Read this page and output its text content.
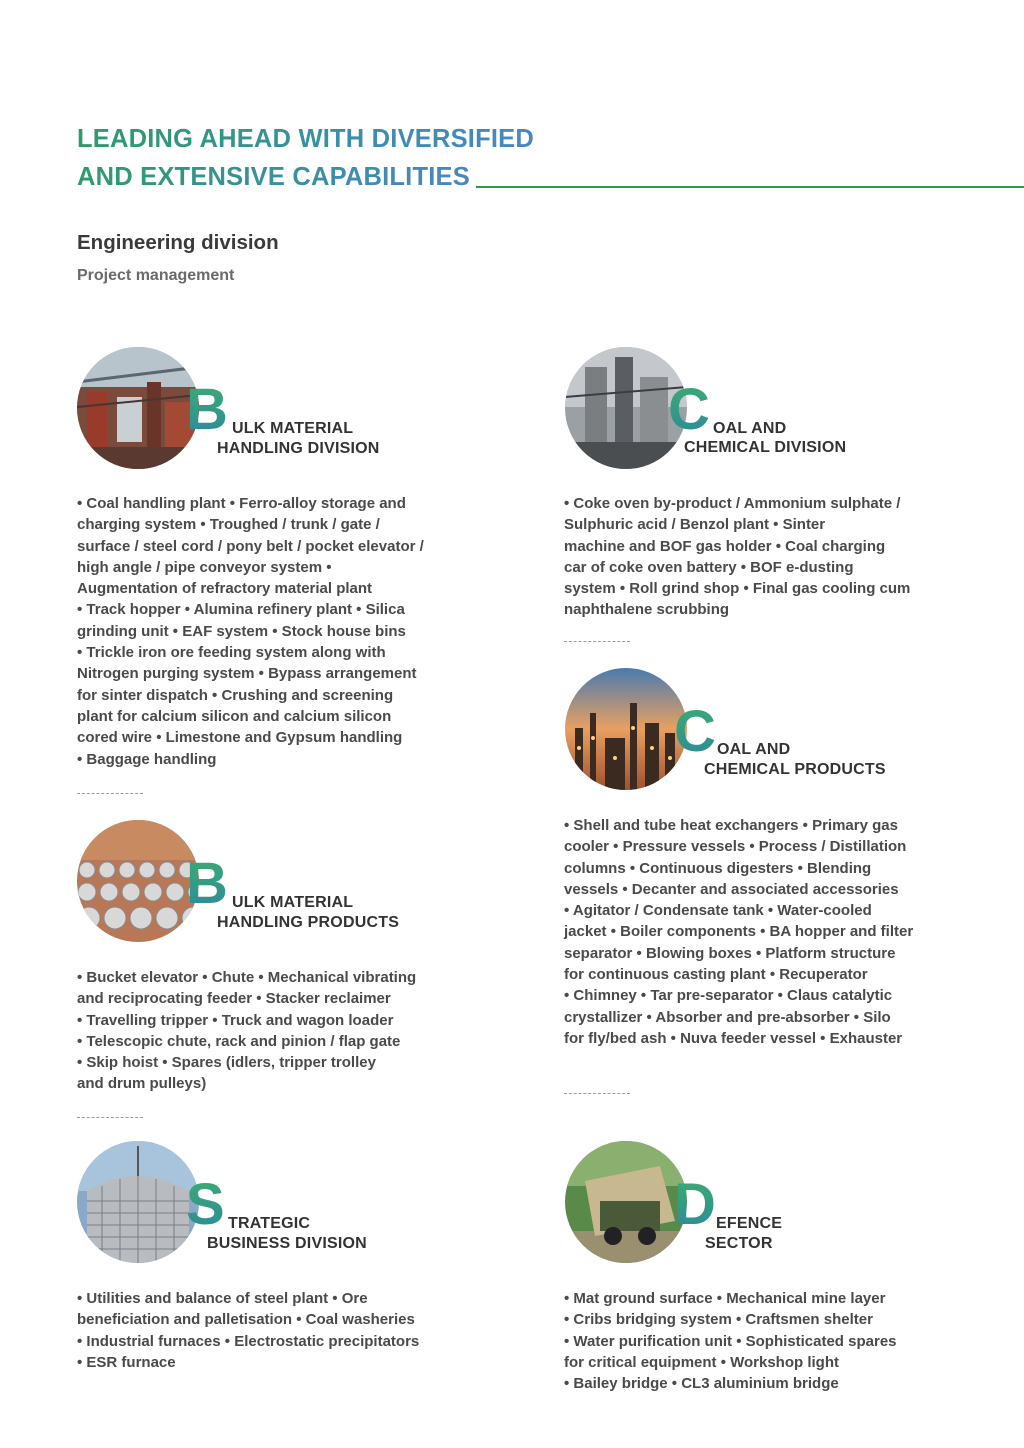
LEADING AHEAD WITH DIVERSIFIED
AND EXTENSIVE CAPABILITIES
Engineering division
Project management
B ULK MATERIAL
HANDLING DIVISION
• Coal handling plant • Ferro-alloy storage and
charging system • Troughed / trunk / gate /
surface / steel cord / pony belt / pocket elevator /
high angle / pipe conveyor system •
Augmentation of refractory material plant
• Track hopper • Alumina refinery plant • Silica
grinding unit • EAF system • Stock house bins
• Trickle iron ore feeding system along with
Nitrogen purging system • Bypass arrangement
for sinter dispatch • Crushing and screening
plant for calcium silicon and calcium silicon
cored wire • Limestone and Gypsum handling
• Baggage handling
B ULK MATERIAL
HANDLING PRODUCTS
• Bucket elevator • Chute • Mechanical vibrating
and reciprocating feeder • Stacker reclaimer
• Travelling tripper • Truck and wagon loader
• Telescopic chute, rack and pinion / flap gate
• Skip hoist • Spares (idlers, tripper trolley
and drum pulleys)
S TRATEGIC
BUSINESS DIVISION
• Utilities and balance of steel plant • Ore
beneficiation and palletisation • Coal washeries
• Industrial furnaces • Electrostatic precipitators
• ESR furnace
C OAL AND
CHEMICAL DIVISION
• Coke oven by-product / Ammonium sulphate /
Sulphuric acid / Benzol plant • Sinter
machine and BOF gas holder • Coal charging
car of coke oven battery • BOF e-dusting
system • Roll grind shop • Final gas cooling cum
naphthalene scrubbing
C OAL AND
CHEMICAL PRODUCTS
• Shell and tube heat exchangers • Primary gas
cooler • Pressure vessels • Process / Distillation
columns • Continuous digesters • Blending
vessels • Decanter and associated accessories
• Agitator / Condensate tank • Water-cooled
jacket • Boiler components • BA hopper and filter
separator • Blowing boxes • Platform structure
for continuous casting plant • Recuperator
• Chimney • Tar pre-separator • Claus catalytic
crystallizer • Absorber and pre-absorber • Silo
for fly/bed ash • Nuva feeder vessel • Exhauster
D EFENCE
SECTOR
• Mat ground surface • Mechanical mine layer
• Cribs bridging system • Craftsmen shelter
• Water purification unit • Sophisticated spares
for critical equipment • Workshop light
• Bailey bridge • CL3 aluminium bridge
